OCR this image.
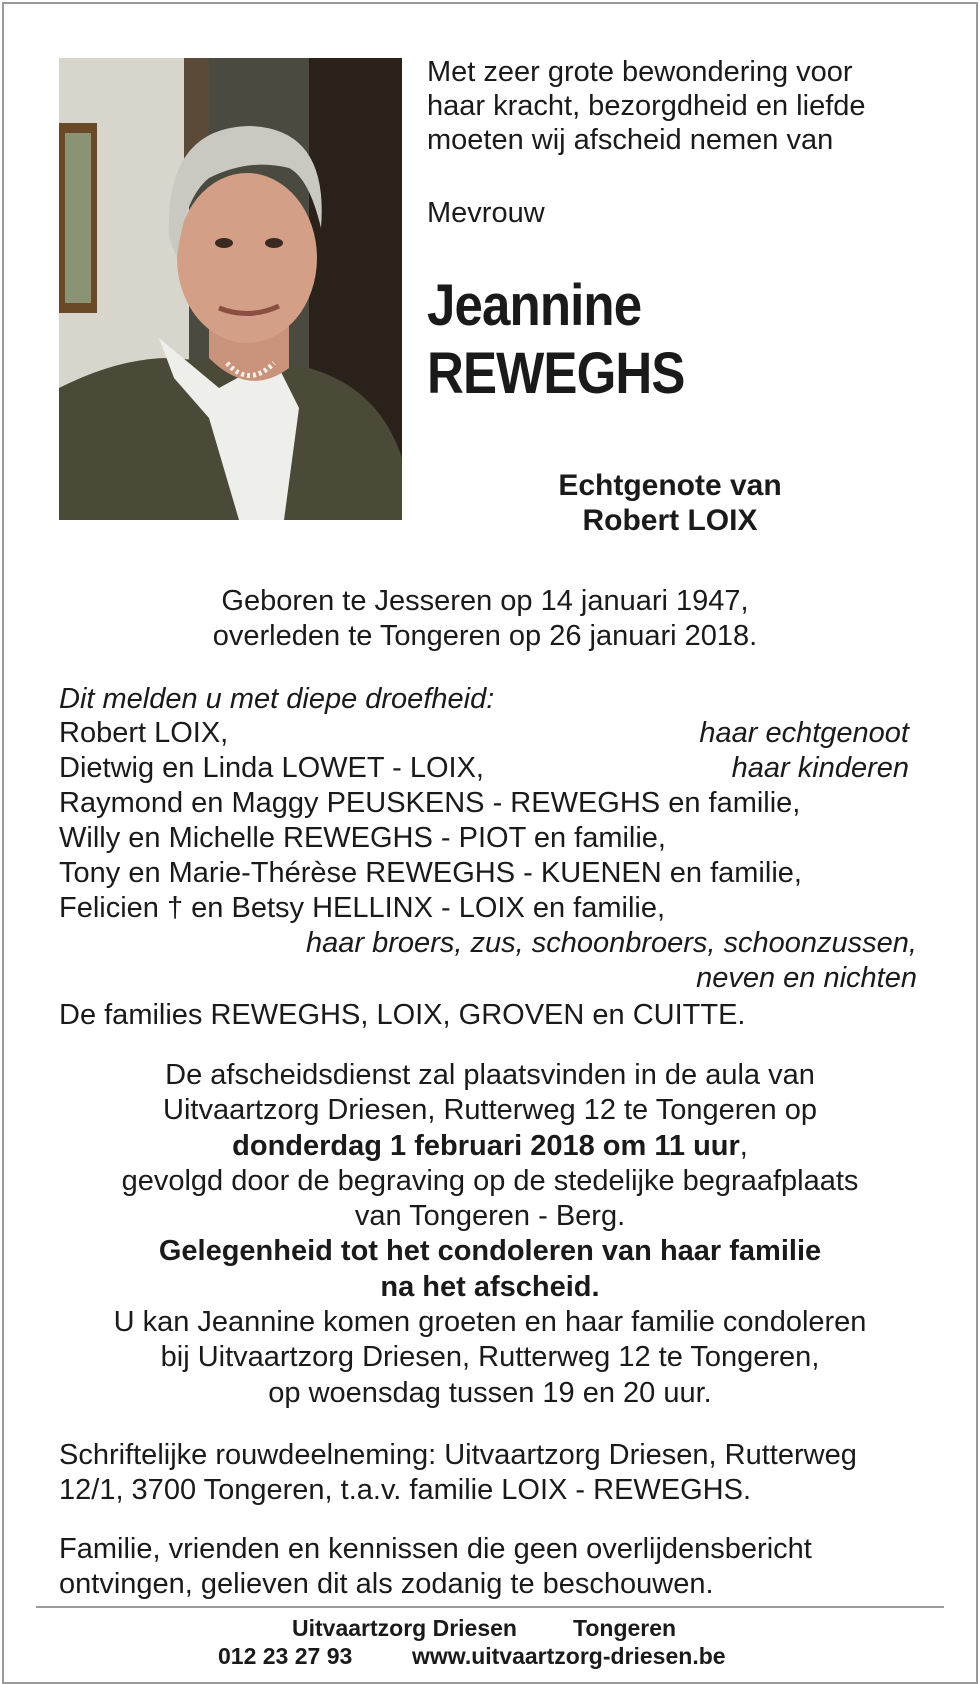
Met zeer grote bewondering voor
haar kracht, bezorgdheid en liefde
moeten wij afscheid nemen van
Mevrouw
Jeannine
REWEGHS
Echtgenote van
Robert LOIX
Geboren te Jesseren op 14 januari 1947,
overleden te Tongeren op 26 januari 2018.
Dit melden u met diepe droefheid:
Robert LOIX,	haar echtgenoot
Dietwig en Linda LOWET - LOIX,	haar kinderen
Raymond en Maggy PEUSKENS - REWEGHS en familie,
Willy en Michelle REWEGHS - PIOT en familie,
Tony en Marie-Thérèse REWEGHS - KUENEN en familie,
Felicien † en Betsy HELLINX - LOIX en familie,
haar broers, zus, schoonbroers, schoonzussen,
neven en nichten
De families REWEGHS, LOIX, GROVEN en CUITTE.
De afscheidsdienst zal plaatsvinden in de aula van
Uitvaartzorg Driesen, Rutterweg 12 te Tongeren op
donderdag 1 februari 2018 om 11 uur,
gevolgd door de begraving op de stedelijke begraafplaats
van Tongeren - Berg.
Gelegenheid tot het condoleren van haar familie
na het afscheid.
U kan Jeannine komen groeten en haar familie condoleren
bij Uitvaartzorg Driesen, Rutterweg 12 te Tongeren,
op woensdag tussen 19 en 20 uur.
Schriftelijke rouwdeelneming: Uitvaartzorg Driesen, Rutterweg
12/1, 3700 Tongeren, t.a.v. familie LOIX - REWEGHS.
Familie, vrienden en kennissen die geen overlijdensbericht
ontvingen, gelieven dit als zodanig te beschouwen.
Uitvaartzorg Driesen Tongeren
012 23 27 93	www.uitvaartzorg-driesen.be
